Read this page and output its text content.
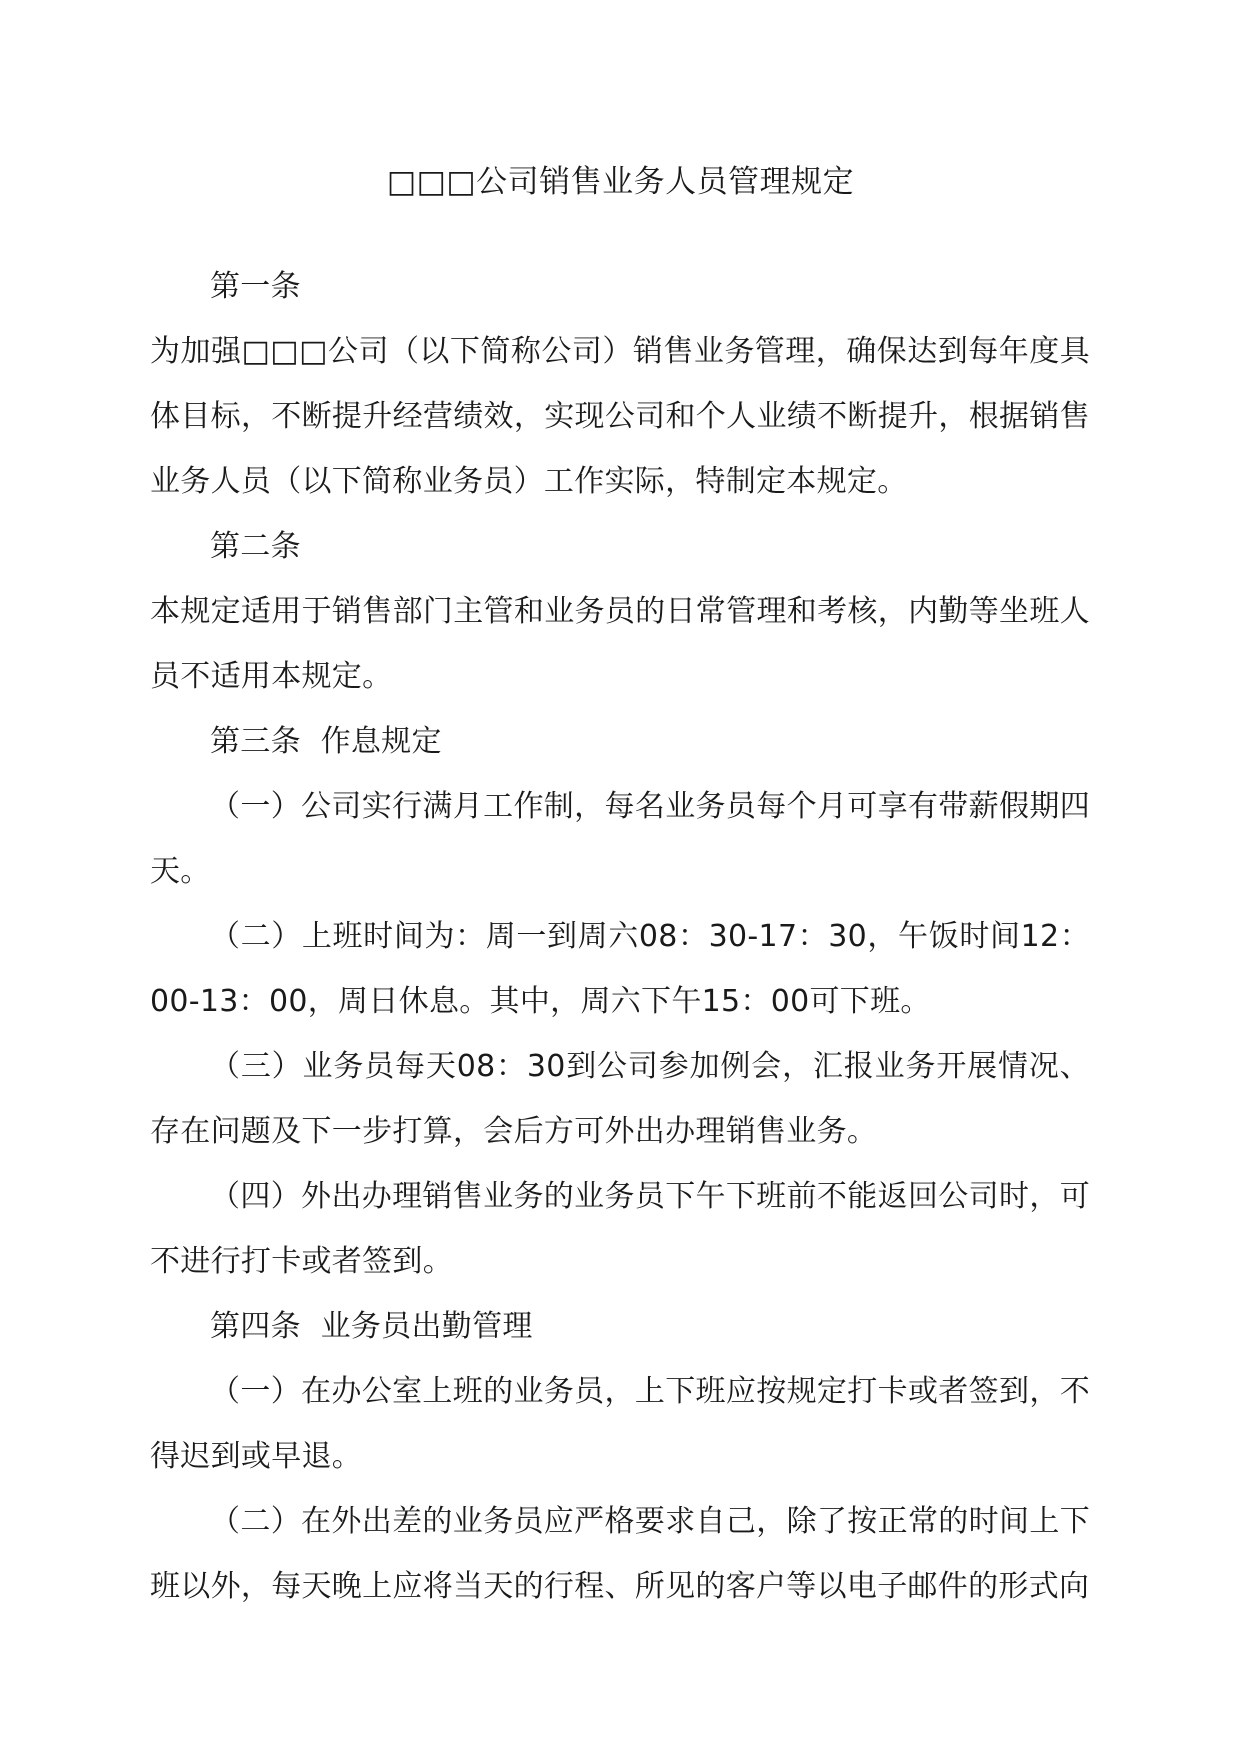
□□□公司销售业务人员管理规定

第一条

为加强□□□公司（以下简称公司）销售业务管理，确保达到每年度具体目标，不断提升经营绩效，实现公司和个人业绩不断提升，根据销售业务人员（以下简称业务员）工作实际，特制定本规定。

第二条

本规定适用于销售部门主管和业务员的日常管理和考核，内勤等坐班人员不适用本规定。

第三条  作息规定

（一）公司实行满月工作制，每名业务员每个月可享有带薪假期四天。

（二）上班时间为：周一到周六08：30-17：30，午饭时间12：00-13：00，周日休息。其中，周六下午15：00可下班。

（三）业务员每天08：30到公司参加例会，汇报业务开展情况、存在问题及下一步打算，会后方可外出办理销售业务。

（四）外出办理销售业务的业务员下午下班前不能返回公司时，可不进行打卡或者签到。

第四条  业务员出勤管理

（一）在办公室上班的业务员，上下班应按规定打卡或者签到，不得迟到或早退。

（二）在外出差的业务员应严格要求自己，除了按正常的时间上下班以外，每天晚上应将当天的行程、所见的客户等以电子邮件的形式向
